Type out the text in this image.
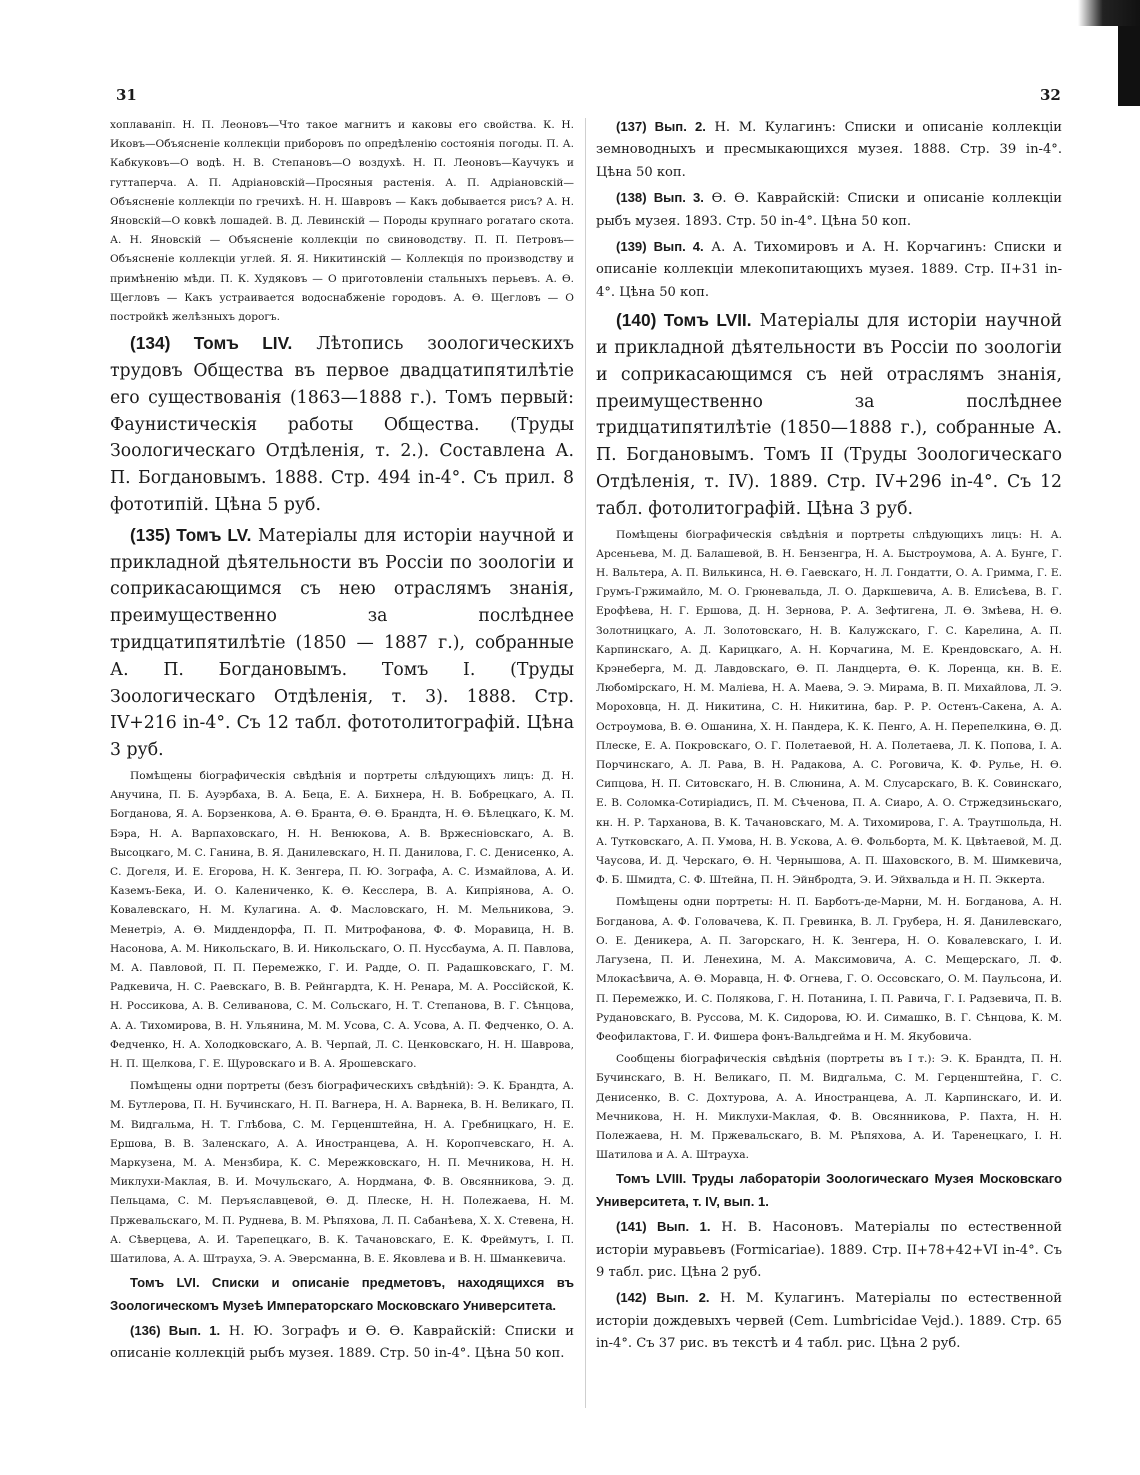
31	32

хоплаваніп. Н. П. Леоновъ—Что такое магнитъ и каковы его свойства. К. Н. Иковъ—Объясненіе коллекціи приборовъ по опредѣленію состоянія погоды. П. А. Кабкуковъ—О водѣ. Н. В. Степановъ—О воздухѣ. Н. П. Леоновъ—Каучукъ и гуттаперча. А. П. Адріановскій—Просяныя растенія. А. П. Адріановскій—Объясненіе коллекціи по гречихѣ. Н. Н. Шавровъ — Какъ добывается рисъ? А. Н. Яновскій—О ковкѣ лошадей. В. Д. Левинскій — Породы крупнаго рогатаго скота. А. Н. Яновскій — Объясненіе коллекціи по свиноводству. П. П. Петровъ—Объясненіе коллекціи углей. Я. Я. Никитинскій — Коллекція по производству и примѣненію мѣди. П. К. Худяковъ — О приготовленіи стальныхъ перьевъ. А. Ѳ. Щегловъ — Какъ устраивается водоснабженіе городовъ. А. Ѳ. Щегловъ — О постройкѣ желѣзныхъ дорогъ.

(134) Томъ LIV. Лѣтопись зоологическихъ трудовъ Общества въ первое двадцатипятилѣтіе его существованія (1863—1888 г.). Томъ первый: Фаунистическія работы Общества. (Труды Зоологическаго Отдѣленія, т. 2.). Составлена А. П. Богдановымъ. 1888. Стр. 494 in-4°. Съ прил. 8 фототипій. Цѣна 5 руб.

(135) Томъ LV. Матеріалы для исторіи научной и прикладной дѣятельности въ Россіи по зоологіи и соприкасающимся съ нею отраслямъ знанія, преимущественно за послѣднее тридцатипятилѣтіе (1850 — 1887 г.), собранные А. П. Богдановымъ. Томъ I. (Труды Зоологическаго Отдѣленія, т. 3). 1888. Стр. IV+216 in-4°. Съ 12 табл. фототолитографій. Цѣна 3 руб.

Помѣщены біографическія свѣдѣнія и портреты слѣдующихъ лицъ: Д. Н. Анучина, П. Б. Ауэрбаха, В. А. Беца, Е. А. Бихнера, Н. В. Бобрецкаго, А. П. Богданова, Я. А. Борзенкова, А. Ѳ. Бранта, Ѳ. Ѳ. Брандта, Н. Ѳ. Бѣлецкаго, К. М. Бэра, Н. А. Варпаховскаго, Н. Н. Венюкова, А. В. Вржесніовскаго, А. В. Высоцкаго, М. С. Ганина, В. Я. Данилевскаго, Н. П. Данилова, Г. С. Денисенко, А. С. Догеля, И. Е. Егорова, Н. К. Зенгера, П. Ю. Зографа, А. С. Измайлова, А. И. Каземъ-Бека, И. О. Калениченко, К. Ѳ. Кесслера, В. А. Кипріянова, А. О. Ковалевскаго, Н. М. Кулагина. А. Ф. Масловскаго, Н. М. Мельникова, Э. Менетріэ, А. Ѳ. Миддендорфа, П. П. Митрофанова, Ф. Ф. Моравица, Н. В. Насонова, А. М. Никольскаго, В. И. Никольскаго, О. П. Нуссбаума, А. П. Павлова, М. А. Павловой, П. П. Перемежко, Г. И. Радде, О. П. Радашковскаго, Г. М. Радкевича, Н. С. Раевскаго, В. В. Рейнгардта, К. Н. Ренара, М. А. Россійской, К. Н. Россикова, А. В. Селиванова, С. М. Сольскаго, Н. Т. Степанова, В. Г. Сѣнцова, А. А. Тихомирова, В. Н. Ульянина, М. М. Усова, С. А. Усова, А. П. Федченко, О. А. Федченко, Н. А. Холодковскаго, А. В. Черпай, Л. С. Ценковскаго, Н. Н. Шаврова, Н. П. Щелкова, Г. Е. Щуровскаго и В. А. Ярошевскаго.

Помѣщены одни портреты (безъ біографическихъ свѣдѣній): Э. К. Брандта, А. М. Бутлерова, П. Н. Бучинскаго, Н. П. Вагнера, Н. А. Варнека, В. Н. Великаго, П. М. Видгальма, Н. Т. Глѣбова, С. М. Герценштейна, Н. А. Гребницкаго, Н. Е. Ершова, В. В. Заленскаго, А. А. Иностранцева, А. Н. Коропчевскаго, Н. А. Маркузена, М. А. Мензбира, К. С. Мережковскаго, Н. П. Мечникова, Н. Н. Миклухи-Маклая, В. И. Мочульскаго, А. Нордмана, Ф. В. Овсянникова, Э. Д. Пельцама, С. М. Перъяславцевой, Ѳ. Д. Плеске, Н. Н. Полежаева, Н. М. Пржевальскаго, М. П. Руднева, В. М. Рѣпяхова, Л. П. Сабанѣева, Х. Х. Стевена, Н. А. Сѣверцева, А. И. Тарепецкаго, В. К. Тачановскаго, Е. К. Фреймутъ, I. П. Шатилова, А. А. Штрауха, Э. А. Эверсманна, В. Е. Яковлева и В. Н. Шманкевича.

Томъ LVI. Списки и описаніе предметовъ, находящихся въ Зоологическомъ Музеѣ Императорскаго Московскаго Университета.

(136) Вып. 1. Н. Ю. Зографъ и Ѳ. Ѳ. Каврайскій: Списки и описаніе коллекцій рыбъ музея. 1889. Стр. 50 in-4°. Цѣна 50 коп.

(137) Вып. 2. Н. М. Кулагинъ: Списки и описаніе коллекціи земноводныхъ и пресмыкающихся музея. 1888. Стр. 39 in-4°. Цѣна 50 коп.

(138) Вып. 3. Ѳ. Ѳ. Каврайскій: Списки и описаніе коллекціи рыбъ музея. 1893. Стр. 50 in-4°. Цѣна 50 коп.

(139) Вып. 4. А. А. Тихомировъ и А. Н. Корчагинъ: Списки и описаніе коллекціи млекопитающихъ музея. 1889. Стр. II+31 in-4°. Цѣна 50 коп.

(140) Томъ LVII. Матеріалы для исторіи научной и прикладной дѣятельности въ Россіи по зоологіи и соприкасающимся съ ней отраслямъ знанія, преимущественно за послѣднее тридцатипятилѣтіе (1850—1888 г.), собранные А. П. Богдановымъ. Томъ II (Труды Зоологическаго Отдѣленія, т. IV). 1889. Стр. IV+296 in-4°. Съ 12 табл. фотолитографій. Цѣна 3 руб.

Помѣщены біографическія свѣдѣнія и портреты слѣдующихъ лицъ: Н. А. Арсеньева, М. Д. Балашевой, В. Н. Бензенгра, Н. А. Быстроумова, А. А. Бунге, Г. Н. Вальтера, А. П. Вилькинса, Н. Ѳ. Гаевскаго, Н. Л. Гондатти, О. А. Гримма, Г. Е. Грумъ-Гржимайло, М. О. Грюневальда, Л. О. Даркшевича, А. В. Елисѣева, В. Г. Ерофѣева, Н. Г. Ершова, Д. Н. Зернова, Р. А. Зефтигена, Л. Ѳ. Змѣева, Н. Ѳ. Золотницкаго, А. Л. Золотовскаго, Н. В. Калужскаго, Г. С. Карелина, А. П. Карпинскаго, А. Д. Карицкаго, А. Н. Корчагина, М. Е. Крендовскаго, А. Н. Крэнеберга, М. Д. Лавдовскаго, Ѳ. П. Ландцерта, Ѳ. К. Лоренца, кн. В. Е. Любомірскаго, Н. М. Маліева, Н. А. Маева, Э. Э. Мирама, В. П. Михайлова, Л. Э. Мороховца, Н. Д. Никитина, С. Н. Никитина, бар. Р. Р. Остенъ-Сакена, А. А. Остроумова, В. Ѳ. Ошанина, Х. Н. Пандера, К. К. Пенго, А. Н. Перепелкина, Ѳ. Д. Плеске, Е. А. Покровскаго, О. Г. Полетаевой, Н. А. Полетаева, Л. К. Попова, I. А. Порчинскаго, А. Л. Рава, В. Н. Радакова, А. С. Роговича, К. Ф. Рулье, Н. Ѳ. Сипцова, Н. П. Ситовскаго, Н. В. Слюнина, А. М. Слусарскаго, В. К. Совинскаго, Е. В. Соломка-Сотиріадисъ, П. М. Сѣченова, П. А. Сиаро, А. О. Стржедзиньскаго, кн. Н. Р. Тарханова, В. К. Тачановскаго, М. А. Тихомирова, Г. А. Траутшольда, Н. А. Тутковскаго, А. П. Умова, Н. В. Ускова, А. Ѳ. Фольборта, М. К. Цвѣтаевой, М. Д. Чаусова, И. Д. Черскаго, Ѳ. Н. Чернышова, А. П. Шаховского, В. М. Шимкевича, Ф. Б. Шмидта, С. Ф. Штейна, П. Н. Эйнбродта, Э. И. Эйхвальда и Н. П. Эккерта.

Помѣщены одни портреты: Н. П. Барботъ-де-Марни, М. Н. Богданова, А. Н. Богданова, А. Ф. Головачева, К. П. Гревинка, В. Л. Грубера, Н. Я. Данилевскаго, О. Е. Деникера, А. П. Загорскаго, Н. К. Зенгера, Н. О. Ковалевскаго, I. И. Лагузена, П. И. Ленехина, М. А. Максимовича, А. С. Мещерскаго, Л. Ф. Млокасѣвича, А. Ѳ. Моравца, Н. Ф. Огнева, Г. О. Оссовскаго, О. М. Паульсона, И. П. Перемежко, И. С. Полякова, Г. Н. Потанина, I. П. Равича, Г. I. Радзевича, П. В. Рудановскаго, В. Руссова, М. К. Сидорова, Ю. И. Симашко, В. Г. Сѣнцова, К. М. Феофилактова, Г. И. Фишера фонъ-Вальдгейма и Н. М. Якубовича.

Сообщены біографическія свѣдѣнія (портреты въ I т.): Э. К. Брандта, П. Н. Бучинскаго, В. Н. Великаго, П. М. Видгальма, С. М. Герценштейна, Г. С. Денисенко, В. С. Дохтурова, А. А. Иностранцева, А. Л. Карпинскаго, И. И. Мечникова, Н. Н. Миклухи-Маклая, Ф. В. Овсянникова, Р. Пахта, Н. Н. Полежаева, Н. М. Пржевальскаго, В. М. Рѣпяхова, А. И. Таренецкаго, I. Н. Шатилова и А. А. Штрауха.

Томъ LVIII. Труды лабораторіи Зоологическаго Музея Московскаго Университета, т. IV, вып. 1.

(141) Вып. 1. Н. В. Насоновъ. Матеріалы по естественной исторіи муравьевъ (Formicariae). 1889. Стр. II+78+42+VI in-4°. Съ 9 табл. рис. Цѣна 2 руб.

(142) Вып. 2. Н. М. Кулагинъ. Матеріалы по естественной исторіи дождевыхъ червей (Cem. Lumbricidae Vejd.). 1889. Стр. 65 in-4°. Съ 37 рис. въ текстѣ и 4 табл. рис. Цѣна 2 руб.
